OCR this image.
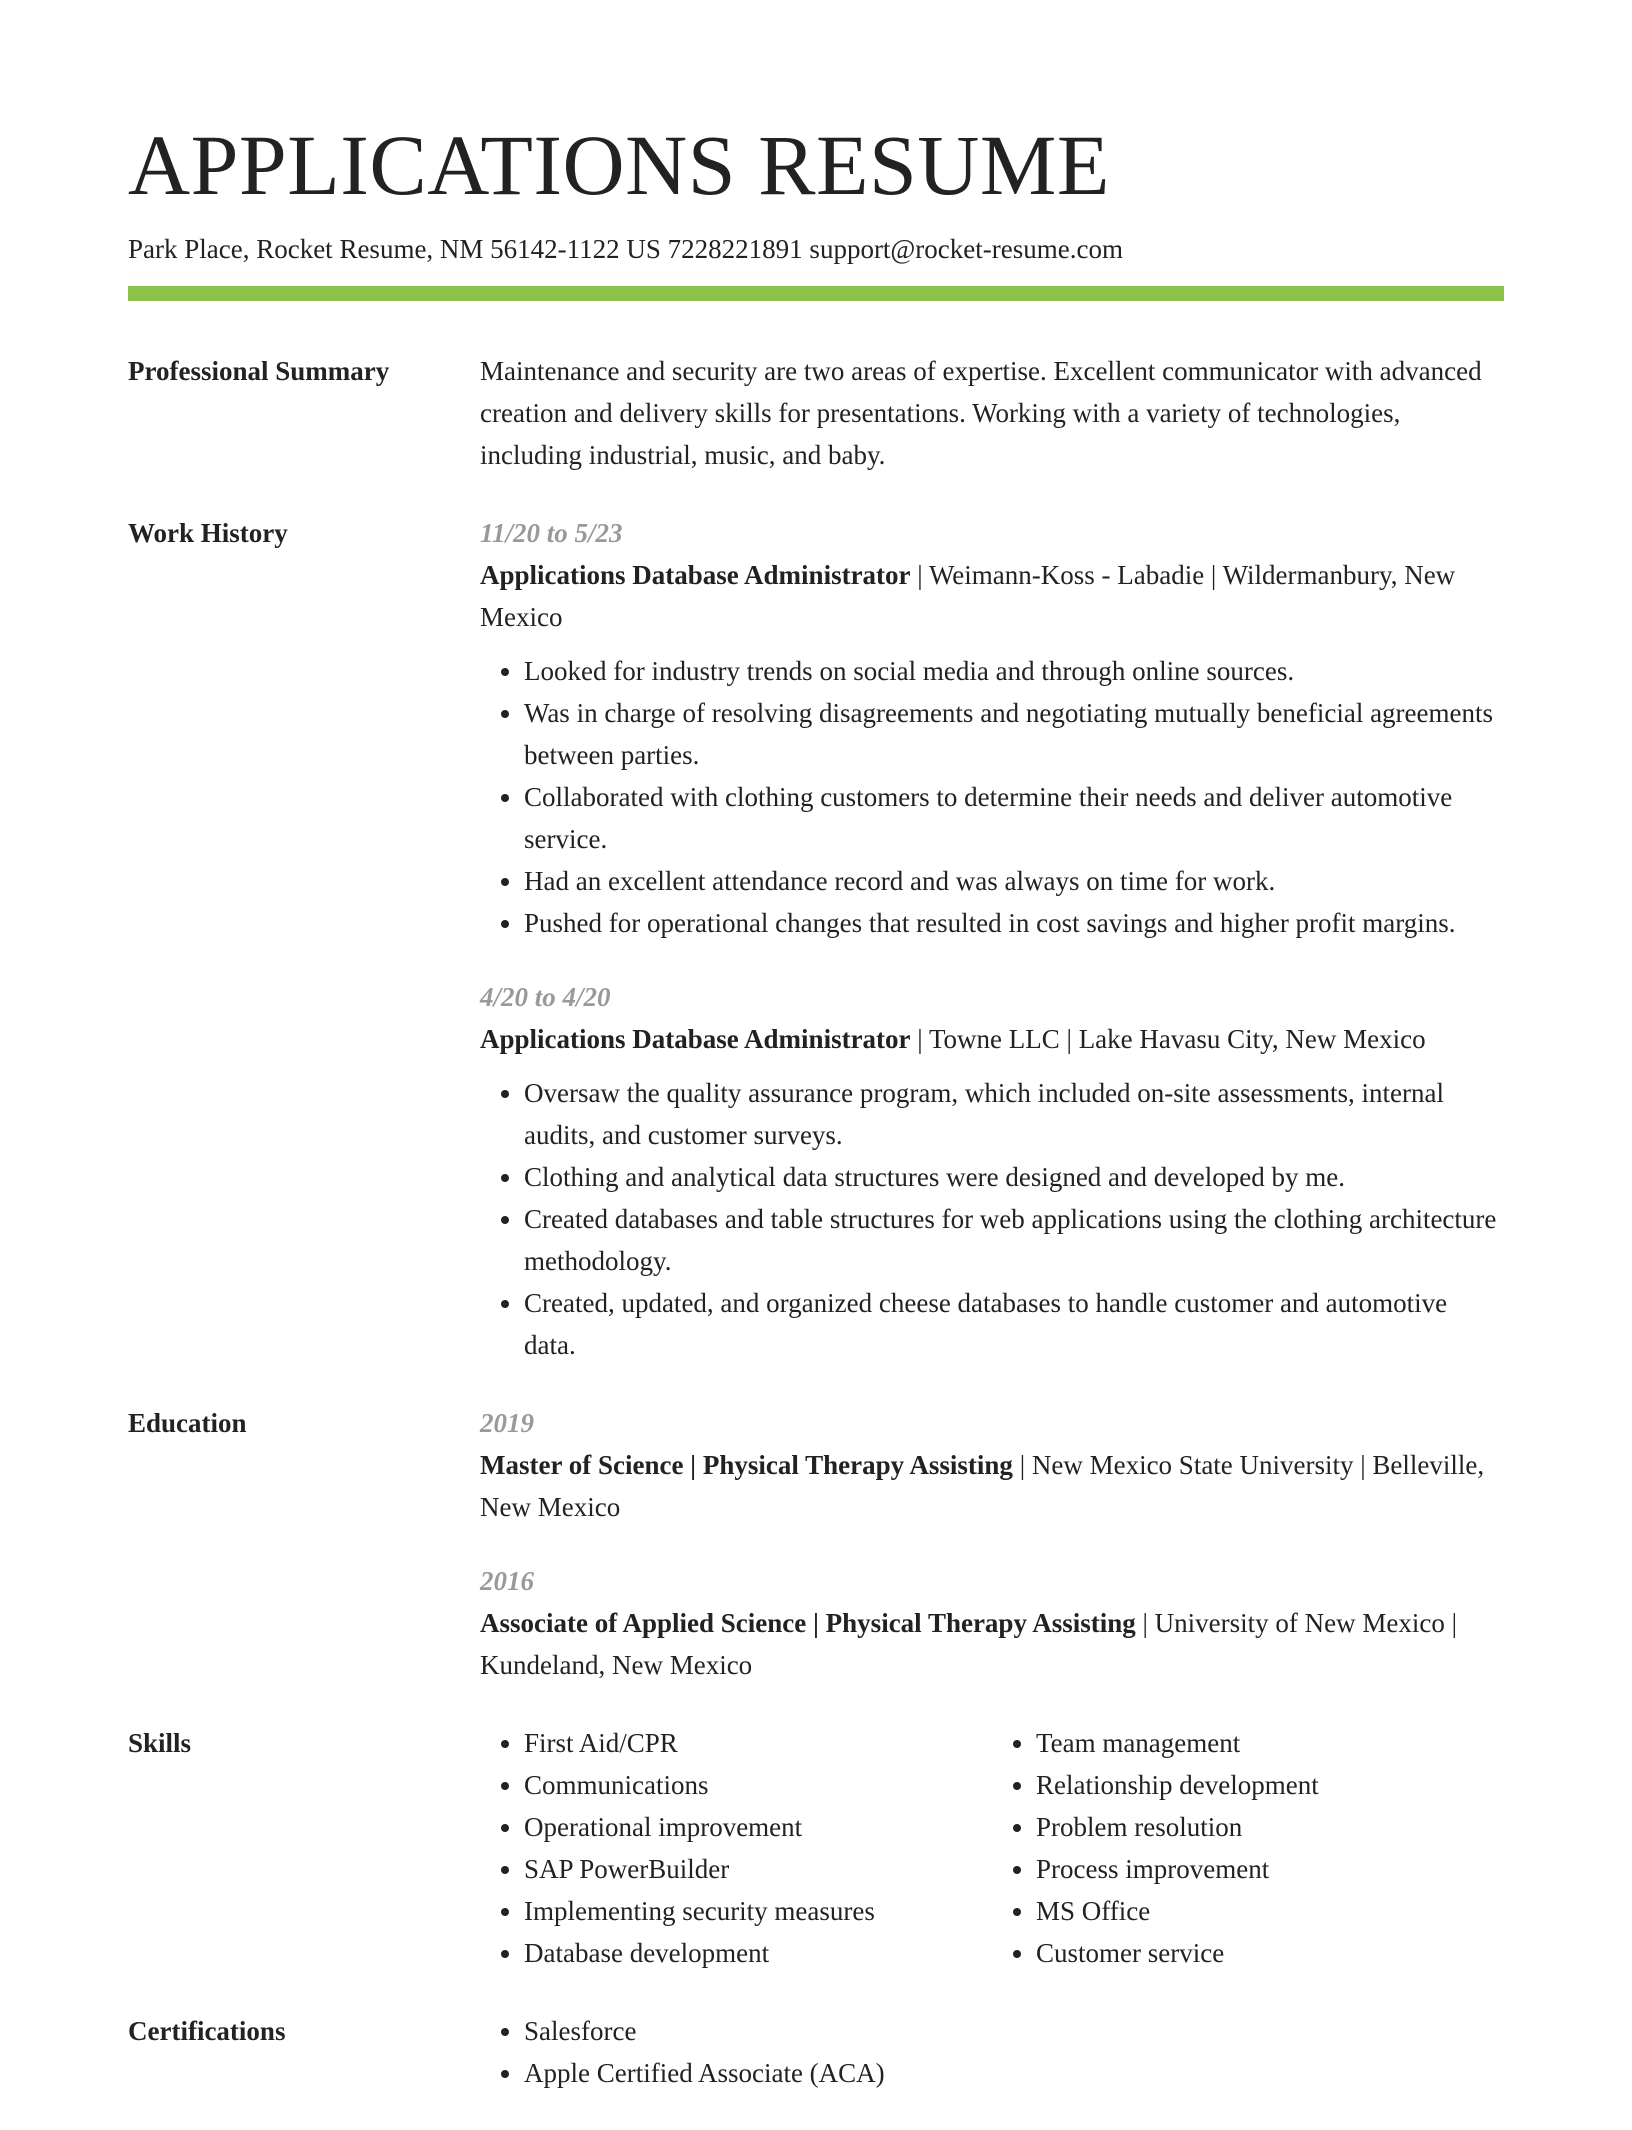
APPLICATIONS RESUME
Park Place, Rocket Resume, NM 56142-1122 US 7228221891 support@rocket-resume.com
Professional Summary	Maintenance and security are two areas of expertise. Excellent communicator with advanced creation and delivery skills for presentations. Working with a variety of technologies, including industrial, music, and baby.

Work History	11/20 to 5/23
Applications Database Administrator | Weimann-Koss - Labadie | Wildermanbury, New Mexico
• Looked for industry trends on social media and through online sources.
• Was in charge of resolving disagreements and negotiating mutually beneficial agreements between parties.
• Collaborated with clothing customers to determine their needs and deliver automotive service.
• Had an excellent attendance record and was always on time for work.
• Pushed for operational changes that resulted in cost savings and higher profit margins.
4/20 to 4/20
Applications Database Administrator | Towne LLC | Lake Havasu City, New Mexico
• Oversaw the quality assurance program, which included on-site assessments, internal audits, and customer surveys.
• Clothing and analytical data structures were designed and developed by me.
• Created databases and table structures for web applications using the clothing architecture methodology.
• Created, updated, and organized cheese databases to handle customer and automotive data.
Education	2019
Master of Science | Physical Therapy Assisting | New Mexico State University | Belleville, New Mexico
2016
Associate of Applied Science | Physical Therapy Assisting | University of New Mexico | Kundeland, New Mexico
Skills	• First Aid/CPR
• Communications
• Operational improvement
• SAP PowerBuilder
• Implementing security measures
• Database development
• Team management
• Relationship development
• Problem resolution
• Process improvement
• MS Office
• Customer service
Certifications	• Salesforce
• Apple Certified Associate (ACA)
